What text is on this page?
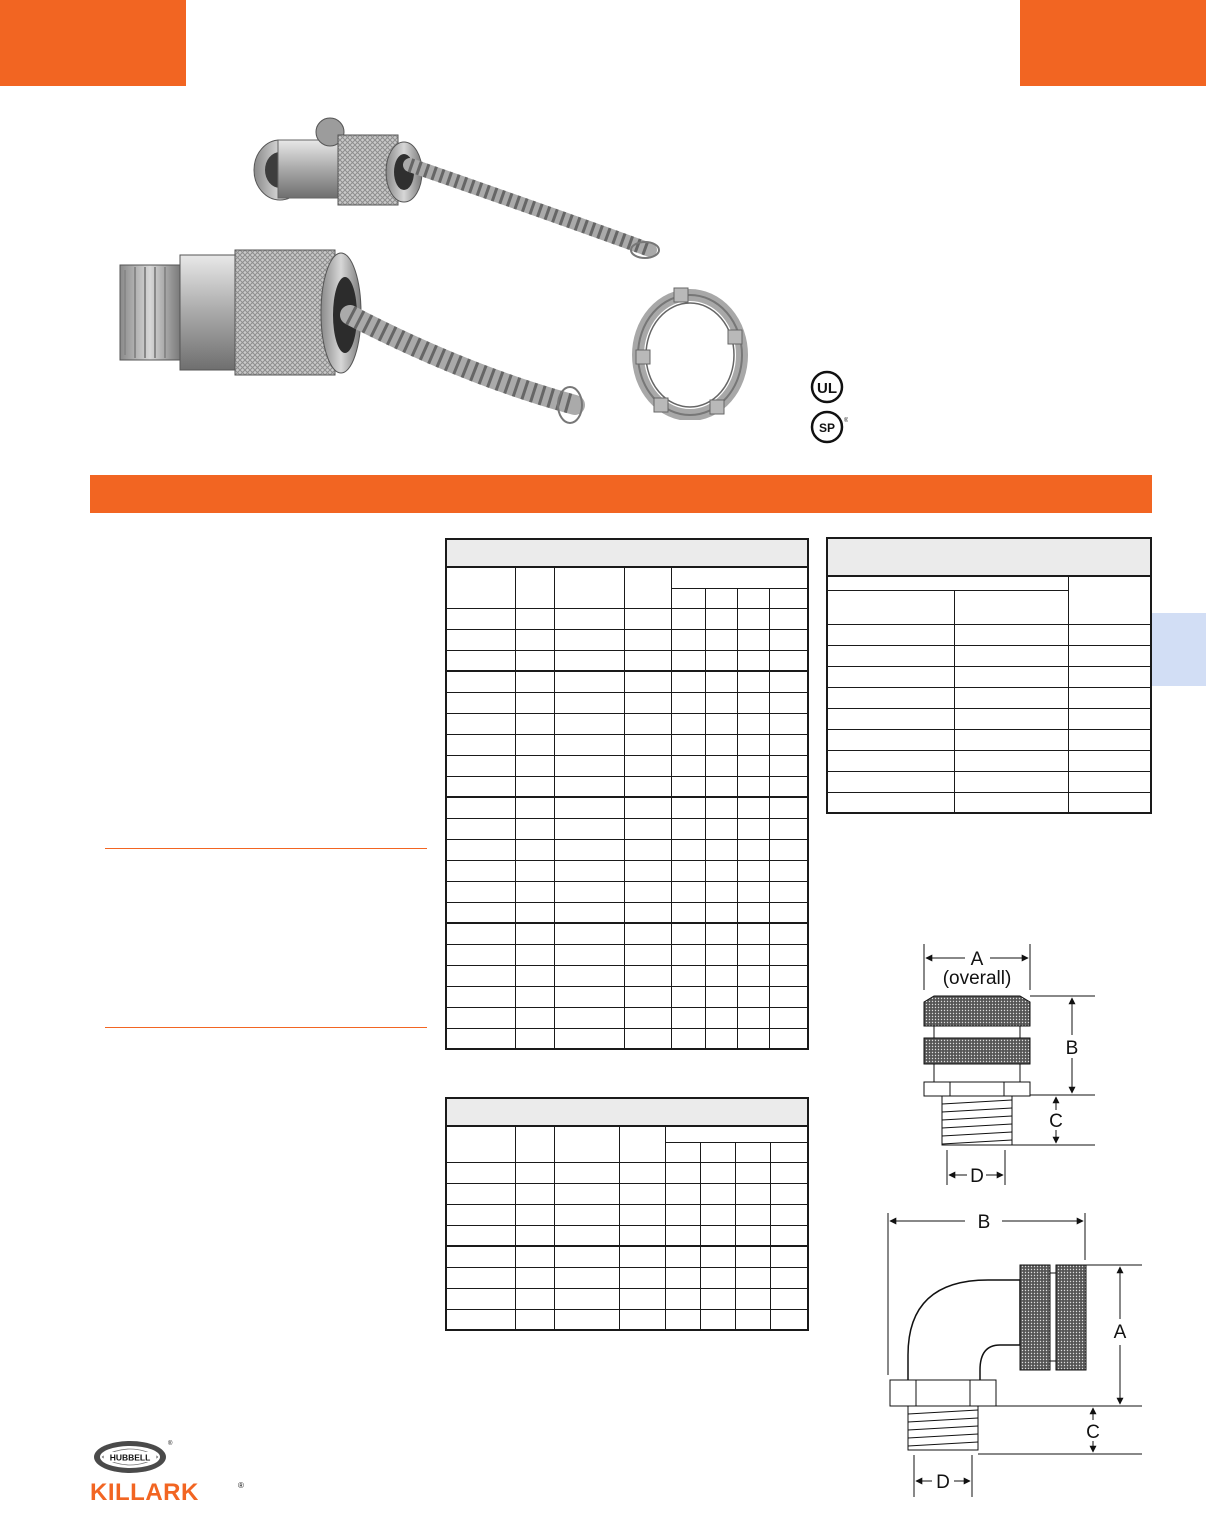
UL
SP ®

A
(overall)
B
C
D
B
A
C
D
HUBBELL
®
KILLARK	®
